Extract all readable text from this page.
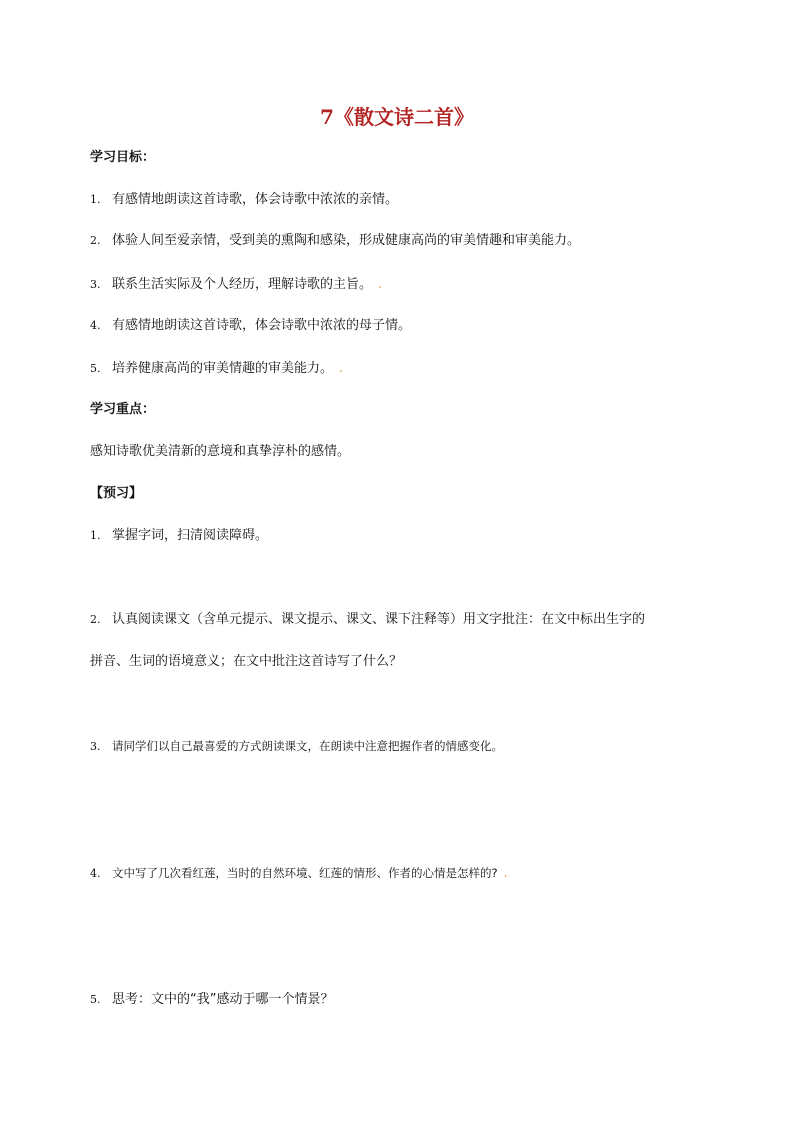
7《散文诗二首》
学习目标：
1. 有感情地朗读这首诗歌，体会诗歌中浓浓的亲情。
2. 体验人间至爱亲情，受到美的熏陶和感染，形成健康高尚的审美情趣和审美能力。
3. 联系生活实际及个人经历，理解诗歌的主旨。 .
4. 有感情地朗读这首诗歌，体会诗歌中浓浓的母子情。
5. 培养健康高尚的审美情趣的审美能力。 .
学习重点：
感知诗歌优美清新的意境和真挚淳朴的感情。
【预习】
1. 掌握字词，扫清阅读障碍。
2. 认真阅读课文（含单元提示、课文提示、课文、课下注释等）用文字批注：在文中标出生字的
拼音、生词的语境意义；在文中批注这首诗写了什么？
3. 请同学们以自己最喜爱的方式朗读课文，在朗读中注意把握作者的情感变化。
4. 文中写了几次看红莲，当时的自然环境、红莲的情形、作者的心情是怎样的? .
5. 思考：文中的“我”感动于哪一个情景？
